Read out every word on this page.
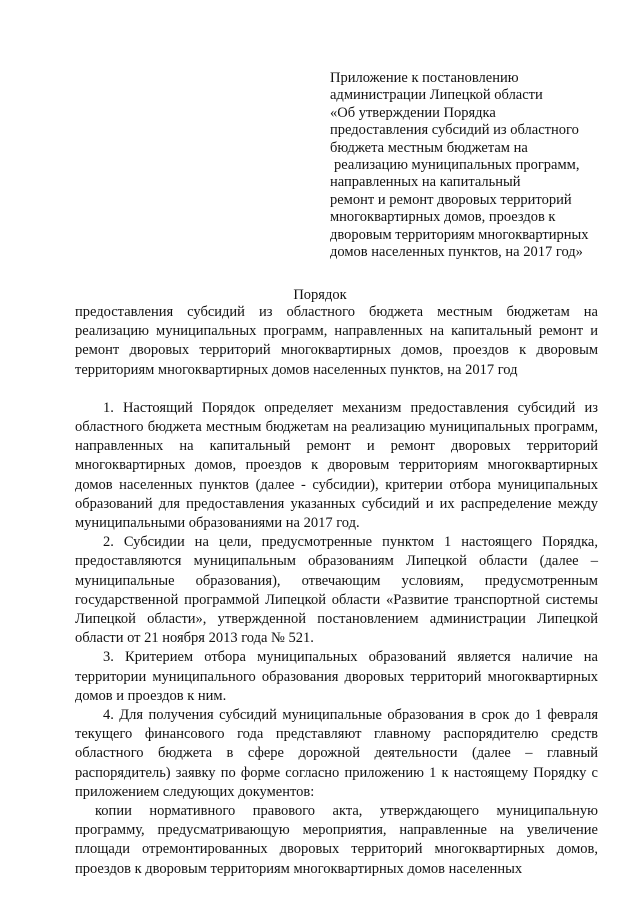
Приложение к постановлению
администрации Липецкой области
«Об утверждении Порядка
предоставления субсидий из областного
бюджета местным бюджетам на
реализацию муниципальных программ,
направленных на капитальный
ремонт и ремонт дворовых территорий
многоквартирных домов, проездов к
дворовым территориям многоквартирных
домов населенных пунктов, на 2017 год»
Порядок

предоставления субсидий из областного бюджета местным бюджетам на реализацию муниципальных программ, направленных на капитальный ремонт и ремонт дворовых территорий многоквартирных домов, проездов к дворовым территориям многоквартирных домов населенных пунктов, на 2017 год

1. Настоящий Порядок определяет механизм предоставления субсидий из областного бюджета местным бюджетам на реализацию муниципальных программ, направленных на капитальный ремонт и ремонт дворовых территорий многоквартирных домов, проездов к дворовым территориям многоквартирных домов населенных пунктов (далее - субсидии), критерии отбора муниципальных образований для предоставления указанных субсидий и их распределение между муниципальными образованиями на 2017 год.

2. Субсидии на цели, предусмотренные пунктом 1 настоящего Порядка, предоставляются муниципальным образованиям Липецкой области (далее – муниципальные образования), отвечающим условиям, предусмотренным государственной программой Липецкой области «Развитие транспортной системы Липецкой области», утвержденной постановлением администрации Липецкой области от 21 ноября 2013 года № 521.

3. Критерием отбора муниципальных образований является наличие на территории муниципального образования дворовых территорий многоквартирных домов и проездов к ним.

4. Для получения субсидий муниципальные образования в срок до 1 февраля текущего финансового года представляют главному распорядителю средств областного бюджета в сфере дорожной деятельности (далее – главный распорядитель) заявку по форме согласно приложению 1 к настоящему Порядку с приложением следующих документов:

копии нормативного правового акта, утверждающего муниципальную программу, предусматривающую мероприятия, направленные на увеличение площади отремонтированных дворовых территорий многоквартирных домов, проездов к дворовым территориям многоквартирных домов населенных
